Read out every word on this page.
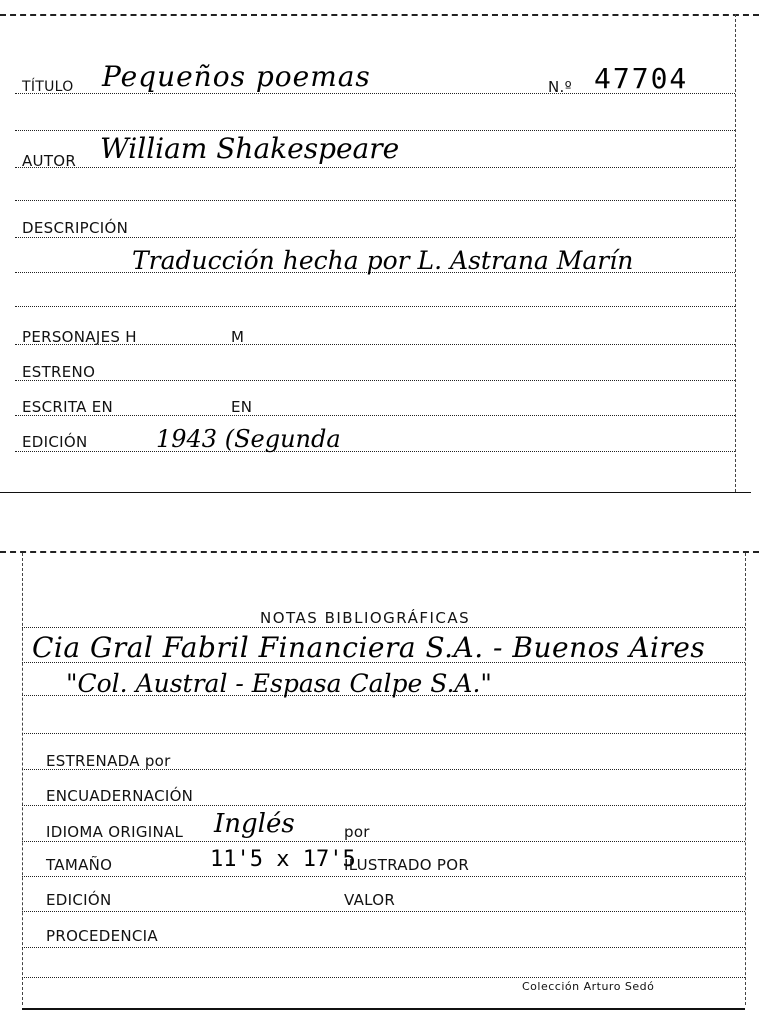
TÍTULO Pequeños poemas	N.º 47704
AUTOR William Shakespeare
DESCRIPCIÓN
Traducción hecha por L. Astrana Marín
PERSONAJES H	M
ESTRENO
ESCRITA EN	EN
EDICIÓN	1943 (Segunda
NOTAS BIBLIOGRÁFICAS
Cia Gral Fabril Financiera S.A. - Buenos Aires
"Col. Austral - Espasa Calpe S.A."
ESTRENADA por
ENCUADERNACIÓN
IDIOMA ORIGINAL Inglés	por
TAMAÑO	11'5 x 17'5
ILUSTRADO POR
EDICIÓN	VALOR
PROCEDENCIA
Colección Arturo Sedó
